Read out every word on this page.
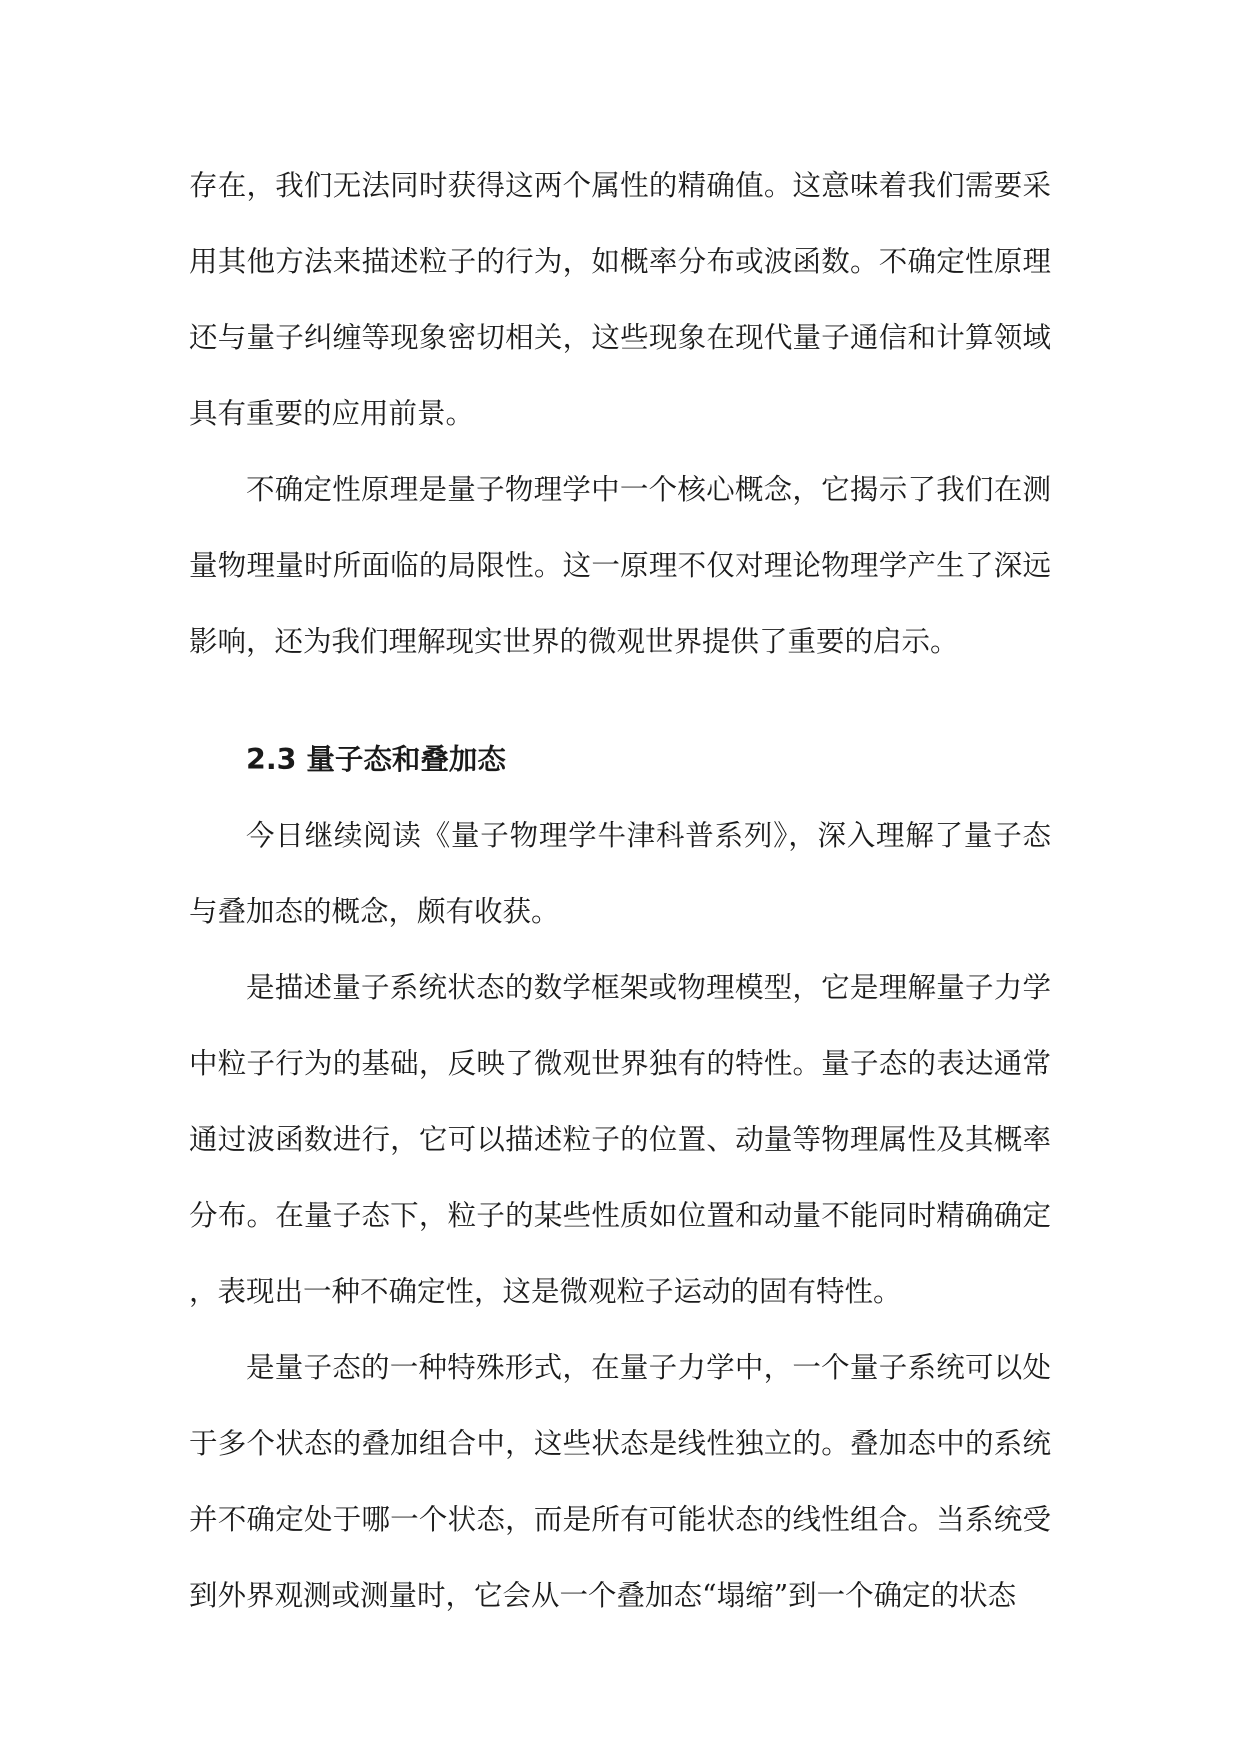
存在，我们无法同时获得这两个属性的精确值。这意味着我们需要采用其他方法来描述粒子的行为，如概率分布或波函数。不确定性原理还与量子纠缠等现象密切相关，这些现象在现代量子通信和计算领域具有重要的应用前景。

不确定性原理是量子物理学中一个核心概念，它揭示了我们在测量物理量时所面临的局限性。这一原理不仅对理论物理学产生了深远影响，还为我们理解现实世界的微观世界提供了重要的启示。

2.3 量子态和叠加态

今日继续阅读《量子物理学牛津科普系列》，深入理解了量子态与叠加态的概念，颇有收获。

是描述量子系统状态的数学框架或物理模型，它是理解量子力学中粒子行为的基础，反映了微观世界独有的特性。量子态的表达通常通过波函数进行，它可以描述粒子的位置、动量等物理属性及其概率分布。在量子态下，粒子的某些性质如位置和动量不能同时精确确定，表现出一种不确定性，这是微观粒子运动的固有特性。

是量子态的一种特殊形式，在量子力学中，一个量子系统可以处于多个状态的叠加组合中，这些状态是线性独立的。叠加态中的系统并不确定处于哪一个状态，而是所有可能状态的线性组合。当系统受到外界观测或测量时，它会从一个叠加态“塌缩”到一个确定的状态
